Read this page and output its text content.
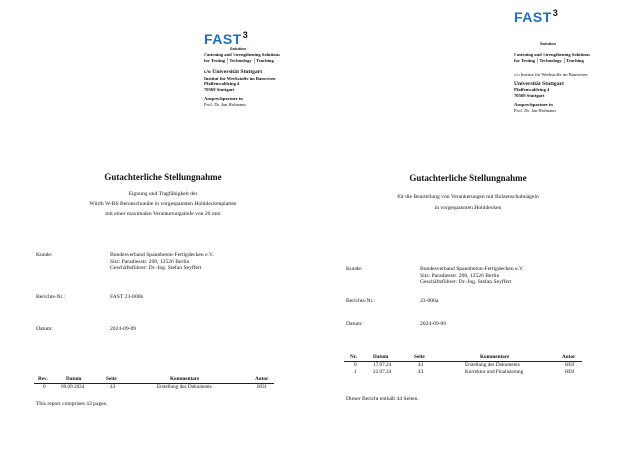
FAST$^3$
Solution
Fastening and Strengthening Solutions
for Testing │Technology │Teaching
c/o Universität Stuttgart
Institut für Werkstoffe im Bauwesen
Pfaffenwaldring 4
70569 Stuttgart
Ansprechpartner in
Prof. Dr. Jan Hofmann
Gutachterliche Stellungnahme
Eignung und Tragfähigkeit der
Würth W-BS Betonschraube in vorgespannten Hohldeckenplatten
mit einer maximalen Verankerungstiefe von 20 mm
Kunde:	Bundesverband Spannbeton-Fertigdecken e.V.
Sitz: Paradiesstr. 208, 12526 Berlin
Geschäftsführer: Dr.-Ing. Stefan Seyffert
Berichts-Nr.:	FAST 23-006b
Datum:	2024-09-09
Rev.	Datum	Seite	Kommentare	Autor
0	09.09.2024	43	Erstellung des Dokuments	HOJ
This report comprises 43 pages.
FAST$^3$
Solution
Fastening and Strengthening Solutions
for Testing │Technology │Teaching
c/o Institut für Werkstoffe im Bauwesen
Universität Stuttgart
Pfaffenwaldring 4
70569 Stuttgart
Ansprechpartner in
Prof. Dr. Jan Hofmann
Gutachterliche Stellungnahme
für die Beurteilung von Verankerungen mit Bolzenschubnägeln
in vorgespannten Hohldecken
Kunde:	Bundesverband Spannbeton-Fertigdecken e.V.
Sitz: Paradiesstr. 208, 12526 Berlin
Geschäftsführer: Dr.-Ing. Stefan Seyffert
Berichts-Nr.:	23-006a
Datum:	2024-09-09
Nr.	Datum	Seite	Kommentare	Autor
0	17.07.24	43	Erstellung des Dokuments	HOJ
1	22.07.24	43	Korrektur und Finalisierung	HOJ
Dieser Bericht enthält 44 Seiten.
